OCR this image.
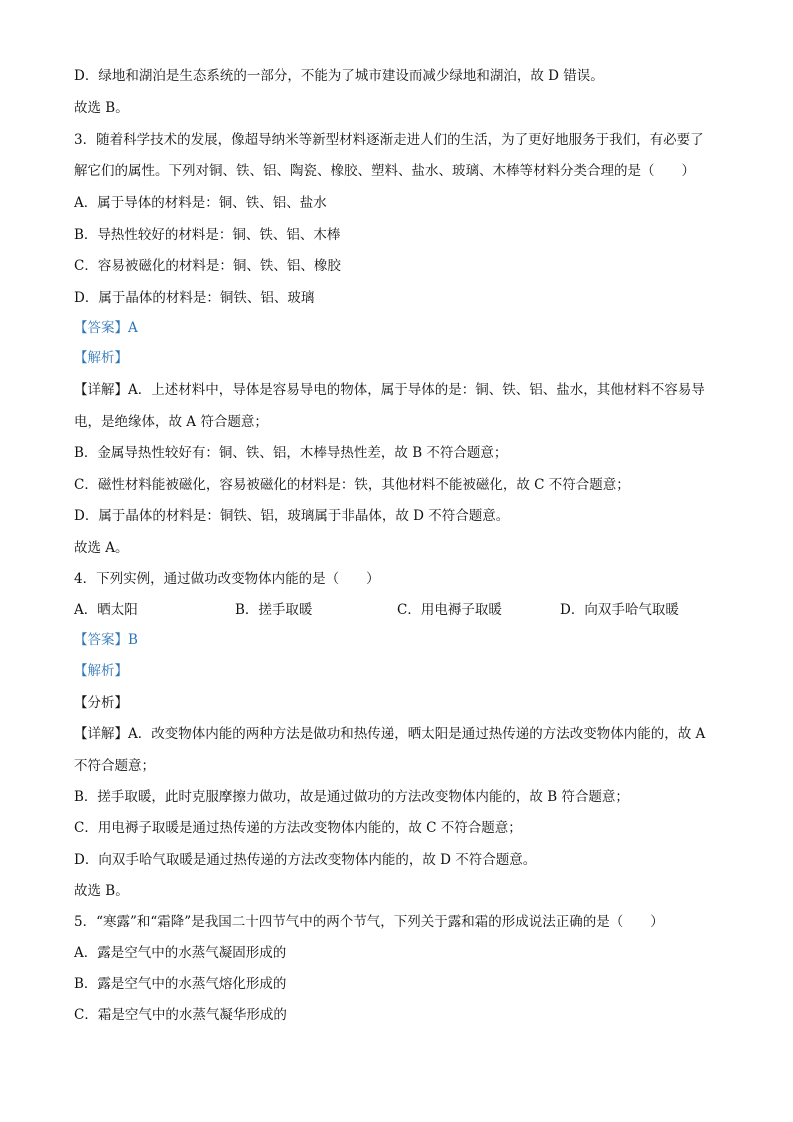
D．绿地和湖泊是生态系统的一部分，不能为了城市建设而减少绿地和湖泊，故 D 错误。
故选 B。
3．随着科学技术的发展，像超导纳米等新型材料逐渐走进人们的生活，为了更好地服务于我们，有必要了
解它们的属性。下列对铜、铁、铝、陶瓷、橡胶、塑料、盐水、玻璃、木棒等材料分类合理的是（　　）
A．属于导体的材料是：铜、铁、铝、盐水
B．导热性较好的材料是：铜、铁、铝、木棒
C．容易被磁化的材料是：铜、铁、铝、橡胶
D．属于晶体的材料是：铜铁、铝、玻璃
【答案】A
【解析】
【详解】A．上述材料中，导体是容易导电的物体，属于导体的是：铜、铁、铝、盐水，其他材料不容易导
电，是绝缘体，故 A 符合题意；
B．金属导热性较好有：铜、铁、铝，木棒导热性差，故 B 不符合题意；
C．磁性材料能被磁化，容易被磁化的材料是：铁，其他材料不能被磁化，故 C 不符合题意；
D．属于晶体的材料是：铜铁、铝，玻璃属于非晶体，故 D 不符合题意。
故选 A。
4．下列实例，通过做功改变物体内能的是（　　）
A．晒太阳	B．搓手取暖	C．用电褥子取暖	D．向双手哈气取暖
【答案】B
【解析】
【分析】
【详解】A．改变物体内能的两种方法是做功和热传递，晒太阳是通过热传递的方法改变物体内能的，故 A
不符合题意；
B．搓手取暖，此时克服摩擦力做功，故是通过做功的方法改变物体内能的，故 B 符合题意；
C．用电褥子取暖是通过热传递的方法改变物体内能的，故 C 不符合题意；
D．向双手哈气取暖是通过热传递的方法改变物体内能的，故 D 不符合题意。
故选 B。
5．“寒露”和“霜降”是我国二十四节气中的两个节气，下列关于露和霜的形成说法正确的是（　　）
A．露是空气中的水蒸气凝固形成的
B．露是空气中的水蒸气熔化形成的
C．霜是空气中的水蒸气凝华形成的
